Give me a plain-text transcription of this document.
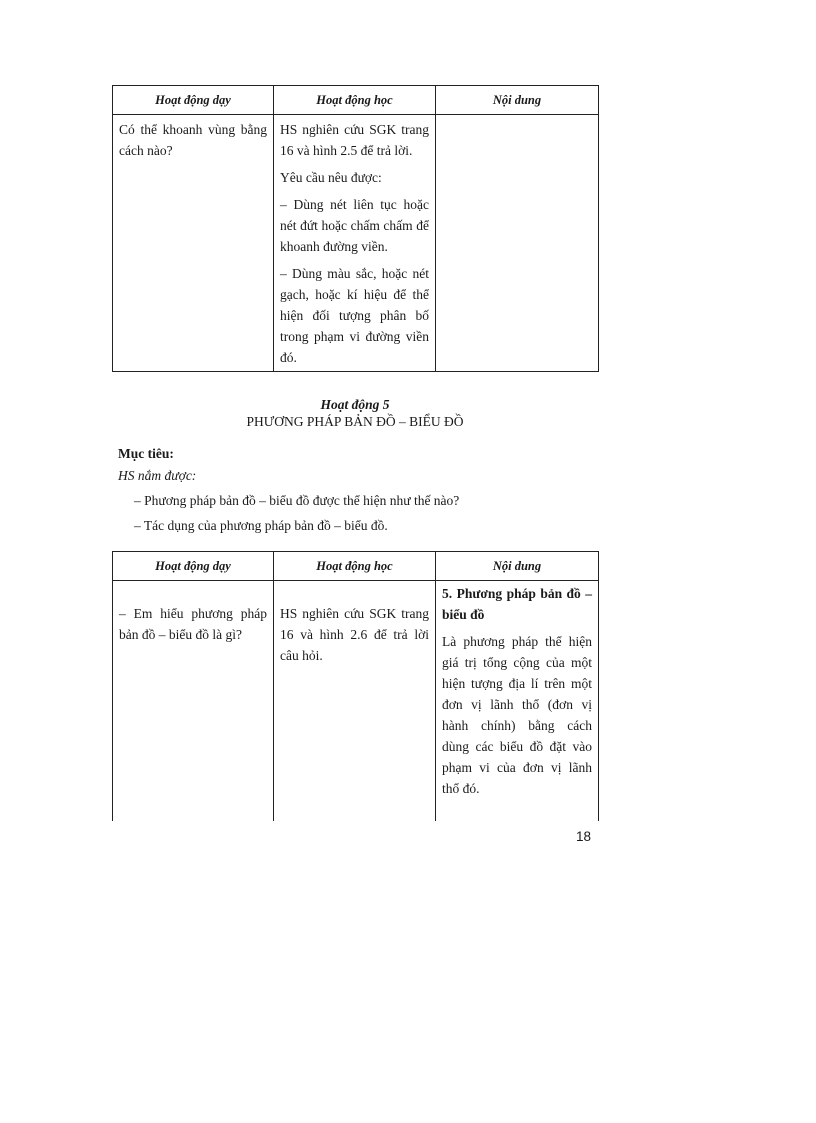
Hoạt động dạy	Hoạt động học	Nội dung
Có thể khoanh vùng bằng cách nào?	HS nghiên cứu SGK trang 16 và hình 2.5 để trả lời.

Yêu cầu nêu được:

– Dùng nét liên tục hoặc nét đứt hoặc chấm chấm để khoanh đường viền.

– Dùng màu sắc, hoặc nét gạch, hoặc kí hiệu để thể hiện đối tượng phân bố trong phạm vi đường viền đó.	

Hoạt động 5
PHƯƠNG PHÁP BẢN ĐỒ – BIỂU ĐỒ
Mục tiêu:
HS nắm được:
– Phương pháp bản đồ – biểu đồ được thể hiện như thế nào?
– Tác dụng của phương pháp bản đồ – biểu đồ.
Hoạt động dạy	Hoạt động học	Nội dung

– Em hiểu phương pháp bản đồ – biểu đồ là gì?	HS nghiên cứu SGK trang 16 và hình 2.6 để trả lời câu hỏi.	5. Phương pháp bản đồ – biểu đồ

Là phương pháp thể hiện giá trị tổng cộng của một hiện tượng địa lí trên một đơn vị lãnh thổ (đơn vị hành chính) bằng cách dùng các biểu đồ đặt vào phạm vi của đơn vị lãnh thổ đó.

18
